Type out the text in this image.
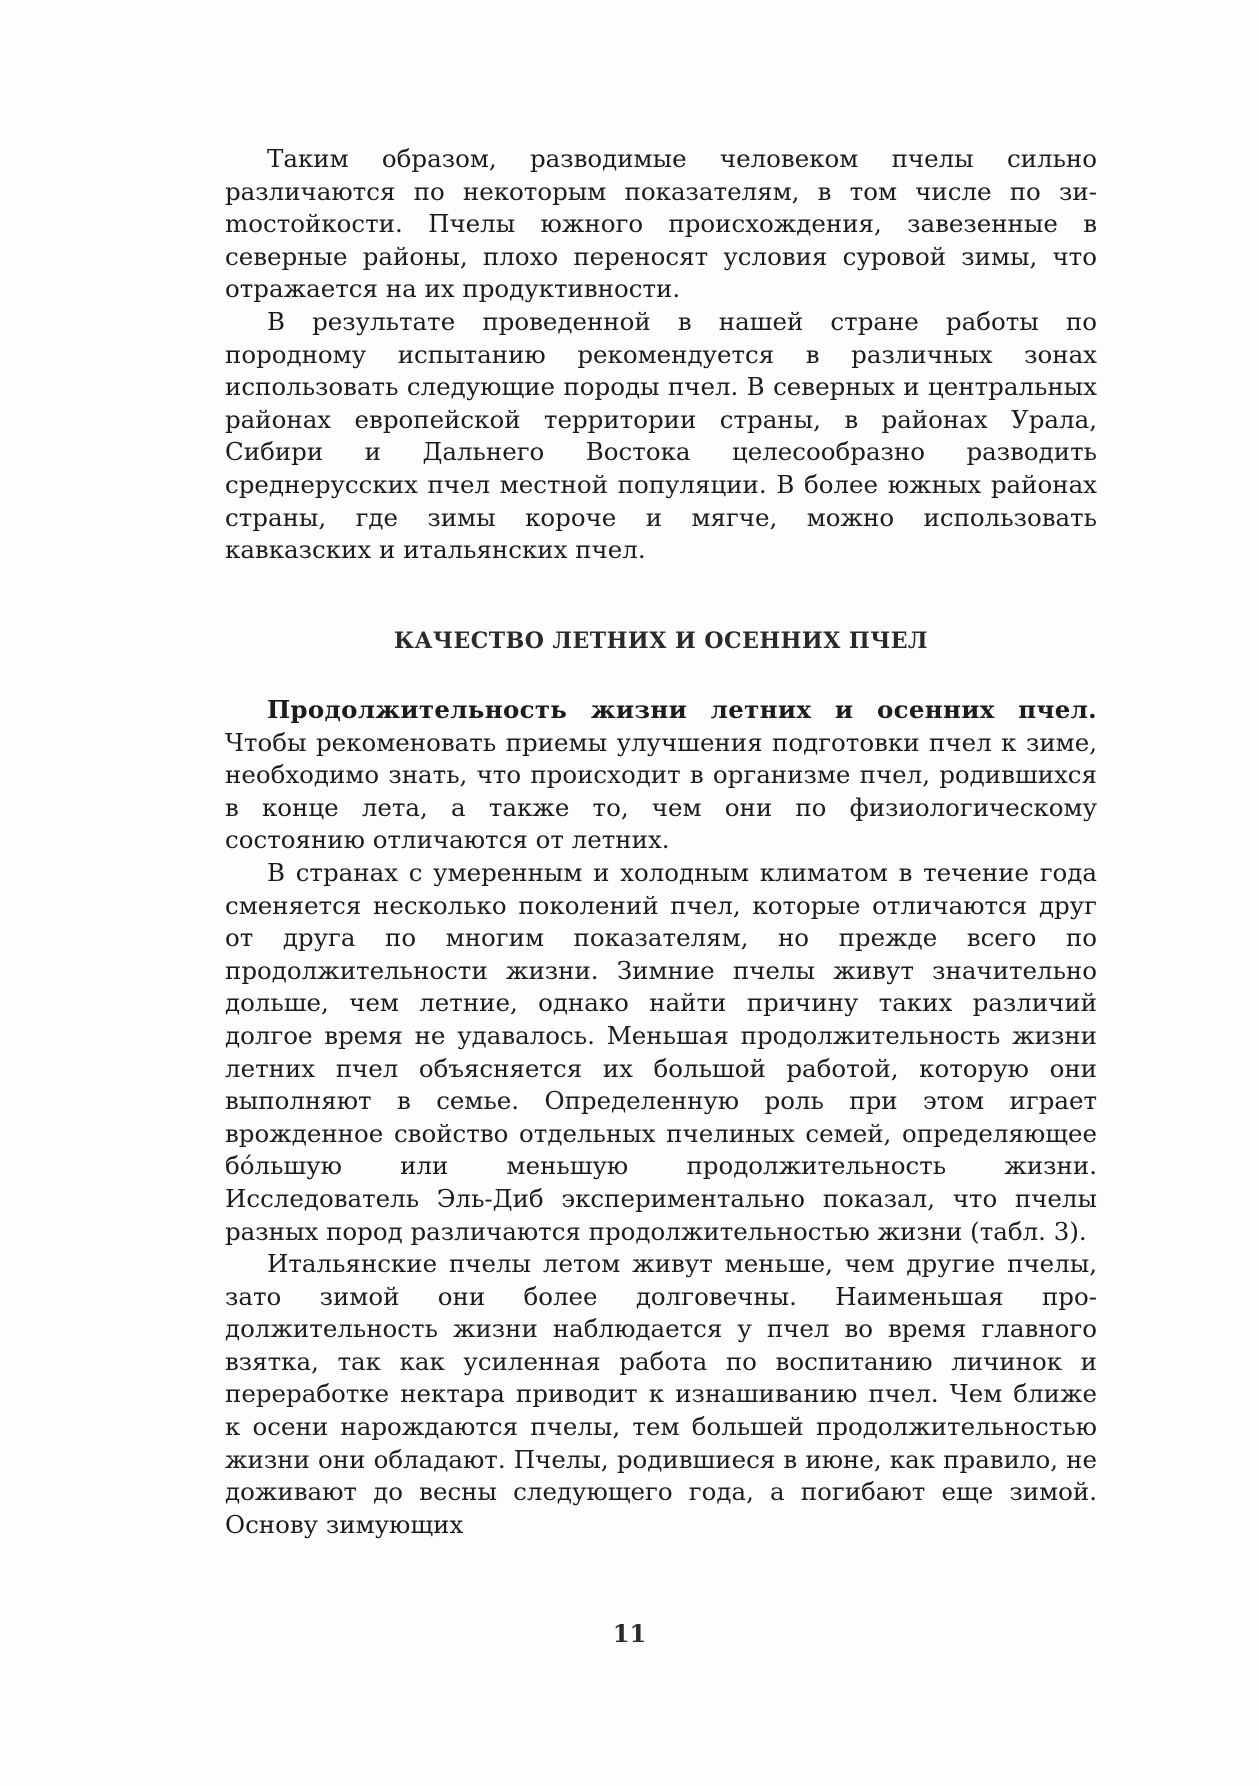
Таким образом, разводимые человеком пчелы сильно различаются по некоторым показателям, в том числе по зиmостойкости. Пчелы южного происхождения, завезенные в северные районы, плохо переносят условия суровой зимы, что отражается на их продуктивности.

В результате проведенной в нашей стране работы по породному испытанию рекомендуется в различных зонах использовать следующие породы пчел. В северных и центральных районах европейской территории страны, в районах Урала, Сибири и Дальнего Востока целесообразно разводить среднерусских пчел местной популяции. В более южных районах страны, где зимы короче и мягче, можно использовать кавказских и итальянских пчел.

КАЧЕСТВО ЛЕТНИХ И ОСЕННИХ ПЧЕЛ

Продолжительность жизни летних и осенних пчел. Чтобы рекоменовать приемы улучшения подготовки пчел к зиме, необходимо знать, что происходит в организме пчел, родившихся в конце лета, а также то, чем они по физиологическому состоянию отличаются от летних.

В странах с умеренным и холодным климатом в течение года сменяется несколько поколений пчел, которые отличаются друг от друга по многим показателям, но прежде всего по продолжительности жизни. Зимние пчелы живут значительно дольше, чем летние, однако найти причину таких различий долгое время не удавалось. Меньшая продолжительность жизни летних пчел объясняется их большой работой, которую они выполняют в семье. Определенную роль при этом играет врожденное свойство отдельных пчелиных семей, определяющее бóльшую или меньшую продолжительность жизни. Исследователь Эль-Диб экспериментально показал, что пчелы разных пород различаются продолжительностью жизни (табл. 3).

Итальянские пчелы летом живут меньше, чем другие пчелы, зато зимой они более долговечны. Наименьшая продолжительность жизни наблюдается у пчел во время главного взятка, так как усиленная работа по воспитанию личинок и переработке нектара приводит к изнашиванию пчел. Чем ближе к осени нарождаются пчелы, тем большей продолжительностью жизни они обладают. Пчелы, родившиеся в июне, как правило, не доживают до весны следующего года, а погибают еще зимой. Основу зимующих

11
